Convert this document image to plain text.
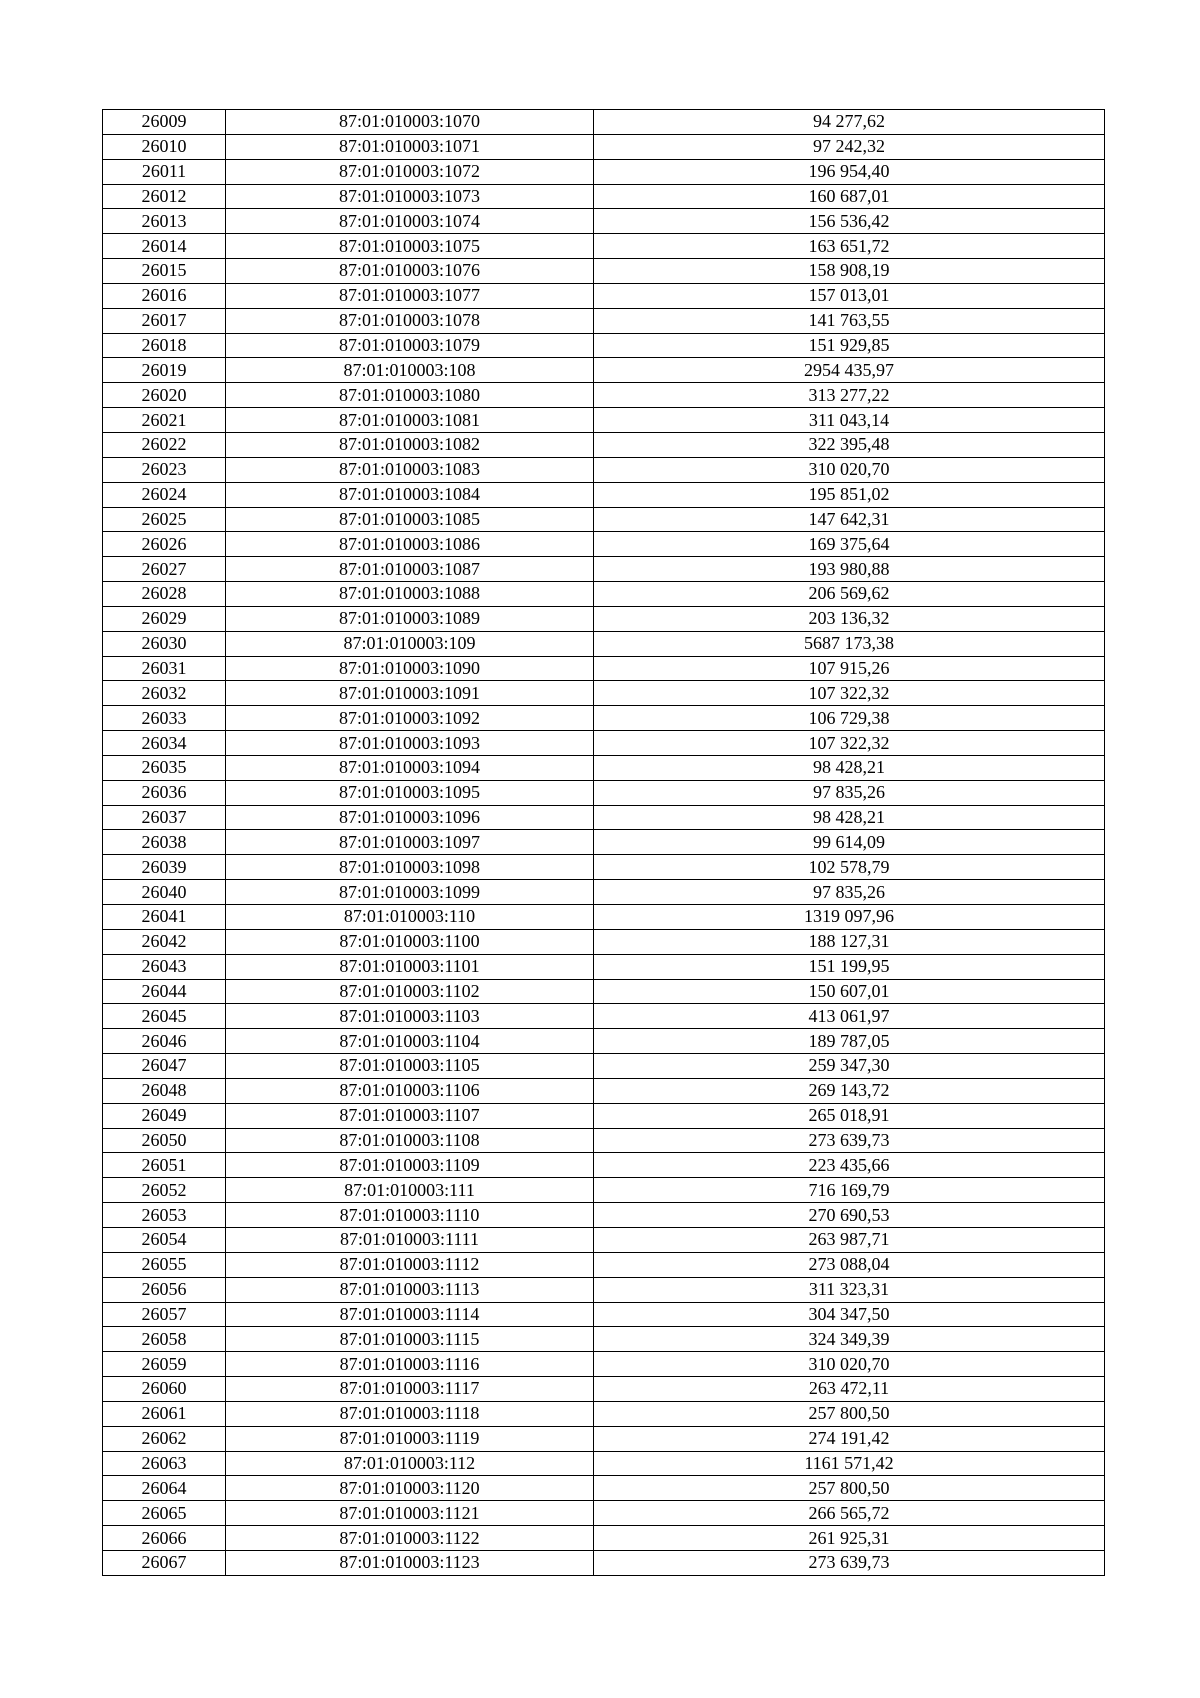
26009	87:01:010003:1070	94 277,62
26010	87:01:010003:1071	97 242,32
26011	87:01:010003:1072	196 954,40
26012	87:01:010003:1073	160 687,01
26013	87:01:010003:1074	156 536,42
26014	87:01:010003:1075	163 651,72
26015	87:01:010003:1076	158 908,19
26016	87:01:010003:1077	157 013,01
26017	87:01:010003:1078	141 763,55
26018	87:01:010003:1079	151 929,85
26019	87:01:010003:108	2954 435,97
26020	87:01:010003:1080	313 277,22
26021	87:01:010003:1081	311 043,14
26022	87:01:010003:1082	322 395,48
26023	87:01:010003:1083	310 020,70
26024	87:01:010003:1084	195 851,02
26025	87:01:010003:1085	147 642,31
26026	87:01:010003:1086	169 375,64
26027	87:01:010003:1087	193 980,88
26028	87:01:010003:1088	206 569,62
26029	87:01:010003:1089	203 136,32
26030	87:01:010003:109	5687 173,38
26031	87:01:010003:1090	107 915,26
26032	87:01:010003:1091	107 322,32
26033	87:01:010003:1092	106 729,38
26034	87:01:010003:1093	107 322,32
26035	87:01:010003:1094	98 428,21
26036	87:01:010003:1095	97 835,26
26037	87:01:010003:1096	98 428,21
26038	87:01:010003:1097	99 614,09
26039	87:01:010003:1098	102 578,79
26040	87:01:010003:1099	97 835,26
26041	87:01:010003:110	1319 097,96
26042	87:01:010003:1100	188 127,31
26043	87:01:010003:1101	151 199,95
26044	87:01:010003:1102	150 607,01
26045	87:01:010003:1103	413 061,97
26046	87:01:010003:1104	189 787,05
26047	87:01:010003:1105	259 347,30
26048	87:01:010003:1106	269 143,72
26049	87:01:010003:1107	265 018,91
26050	87:01:010003:1108	273 639,73
26051	87:01:010003:1109	223 435,66
26052	87:01:010003:111	716 169,79
26053	87:01:010003:1110	270 690,53
26054	87:01:010003:1111	263 987,71
26055	87:01:010003:1112	273 088,04
26056	87:01:010003:1113	311 323,31
26057	87:01:010003:1114	304 347,50
26058	87:01:010003:1115	324 349,39
26059	87:01:010003:1116	310 020,70
26060	87:01:010003:1117	263 472,11
26061	87:01:010003:1118	257 800,50
26062	87:01:010003:1119	274 191,42
26063	87:01:010003:112	1161 571,42
26064	87:01:010003:1120	257 800,50
26065	87:01:010003:1121	266 565,72
26066	87:01:010003:1122	261 925,31
26067	87:01:010003:1123	273 639,73
